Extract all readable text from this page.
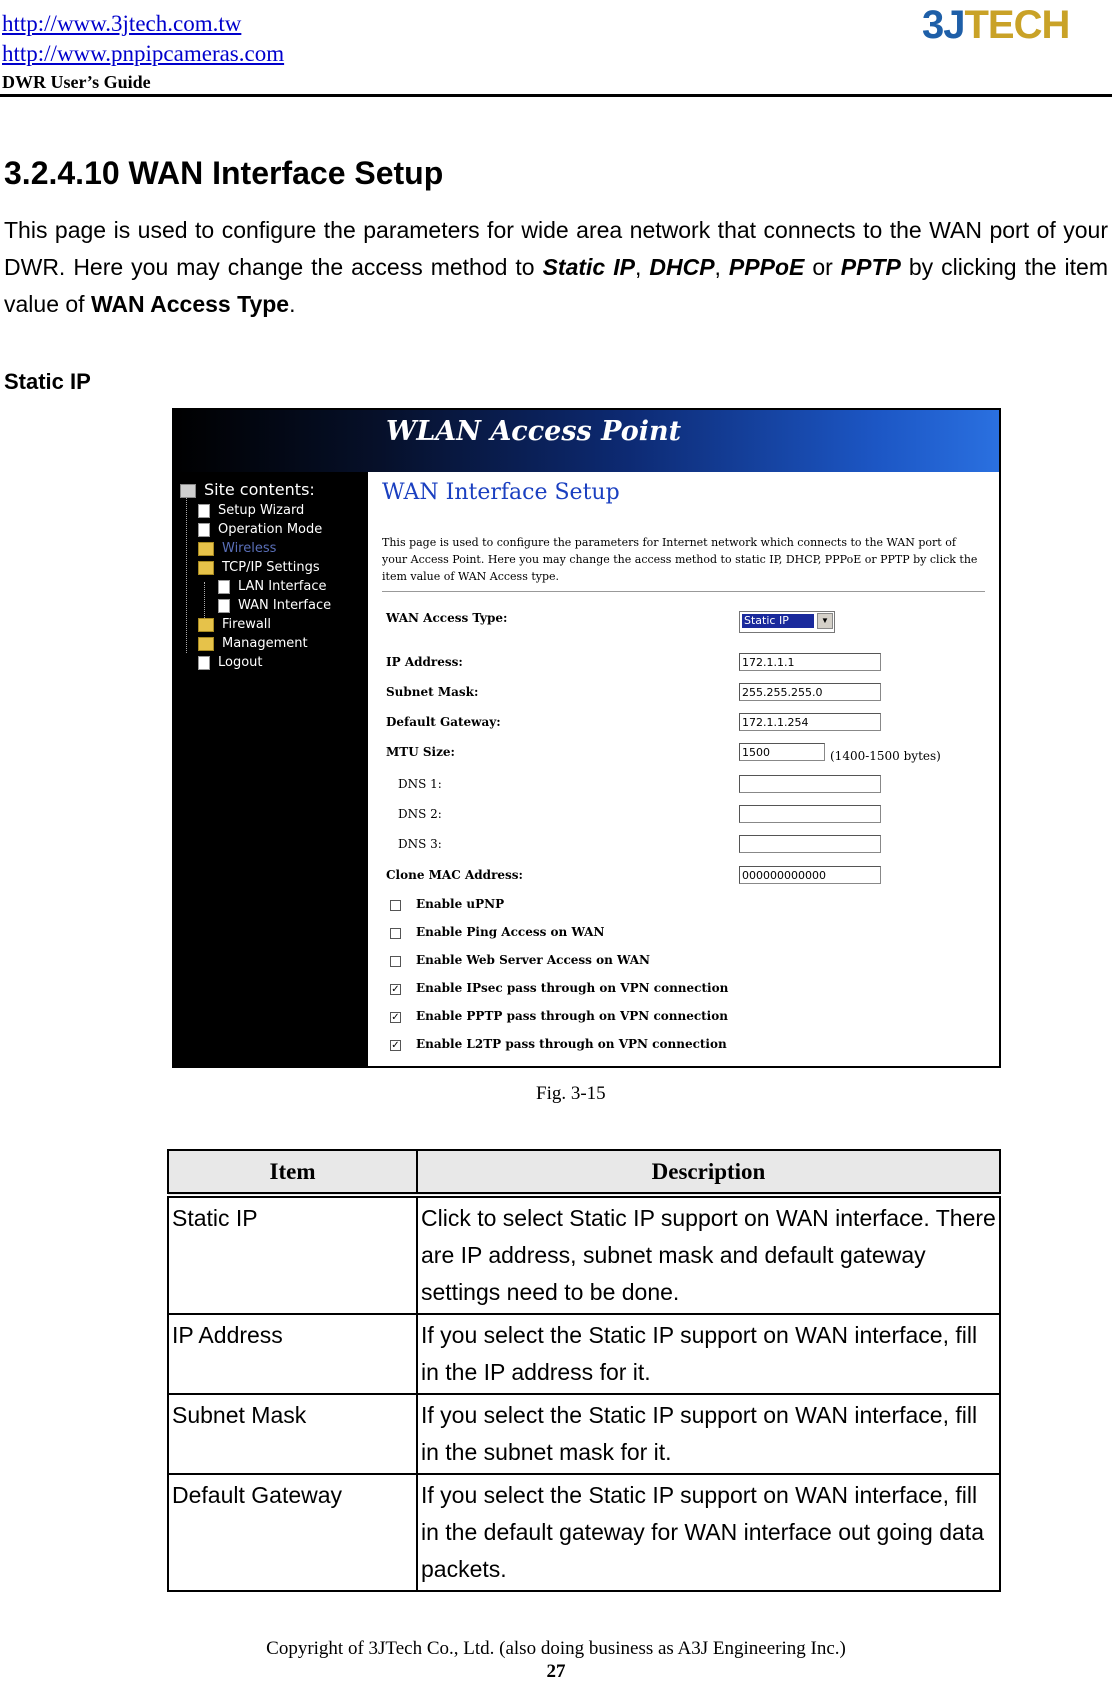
http://www.3jtech.com.tw
http://www.pnpipcameras.com
DWR User’s Guide
3JTECH
3.2.4.10 WAN Interface Setup
This page is used to configure the parameters for wide area network that connects to the WAN port of your DWR. Here you may change the access method to Static IP, DHCP, PPPoE or PPTP by clicking the item value of WAN Access Type.
Static IP
WLAN Access Point
Site contents:
Setup Wizard
Operation Mode
Wireless
TCP/IP Settings
LAN Interface
WAN Interface
Firewall
Management
Logout
WAN Interface Setup
This page is used to configure the parameters for Internet network which connects to the WAN port of your Access Point. Here you may change the access method to static IP, DHCP, PPPoE or PPTP by click the item value of WAN Access type.
WAN Access Type:	Static IP	▼
IP Address:	172.1.1.1
Subnet Mask:	255.255.255.0
Default Gateway:	172.1.1.254
MTU Size:	1500	(1400-1500 bytes)
DNS 1:
DNS 2:
DNS 3:
Clone MAC Address:	000000000000
Enable uPNP
Enable Ping Access on WAN
Enable Web Server Access on WAN
✓ Enable IPsec pass through on VPN connection
✓ Enable PPTP pass through on VPN connection
✓ Enable L2TP pass through on VPN connection
Fig. 3-15
Item	Description
Static IP	Click to select Static IP support on WAN interface. There are IP address, subnet mask and default gateway settings need to be done.
IP Address	If you select the Static IP support on WAN interface, fill in the IP address for it.
Subnet Mask	If you select the Static IP support on WAN interface, fill in the subnet mask for it.
Default Gateway	If you select the Static IP support on WAN interface, fill in the default gateway for WAN interface out going data packets.
Copyright of 3JTech Co., Ltd. (also doing business as A3J Engineering Inc.)
27
